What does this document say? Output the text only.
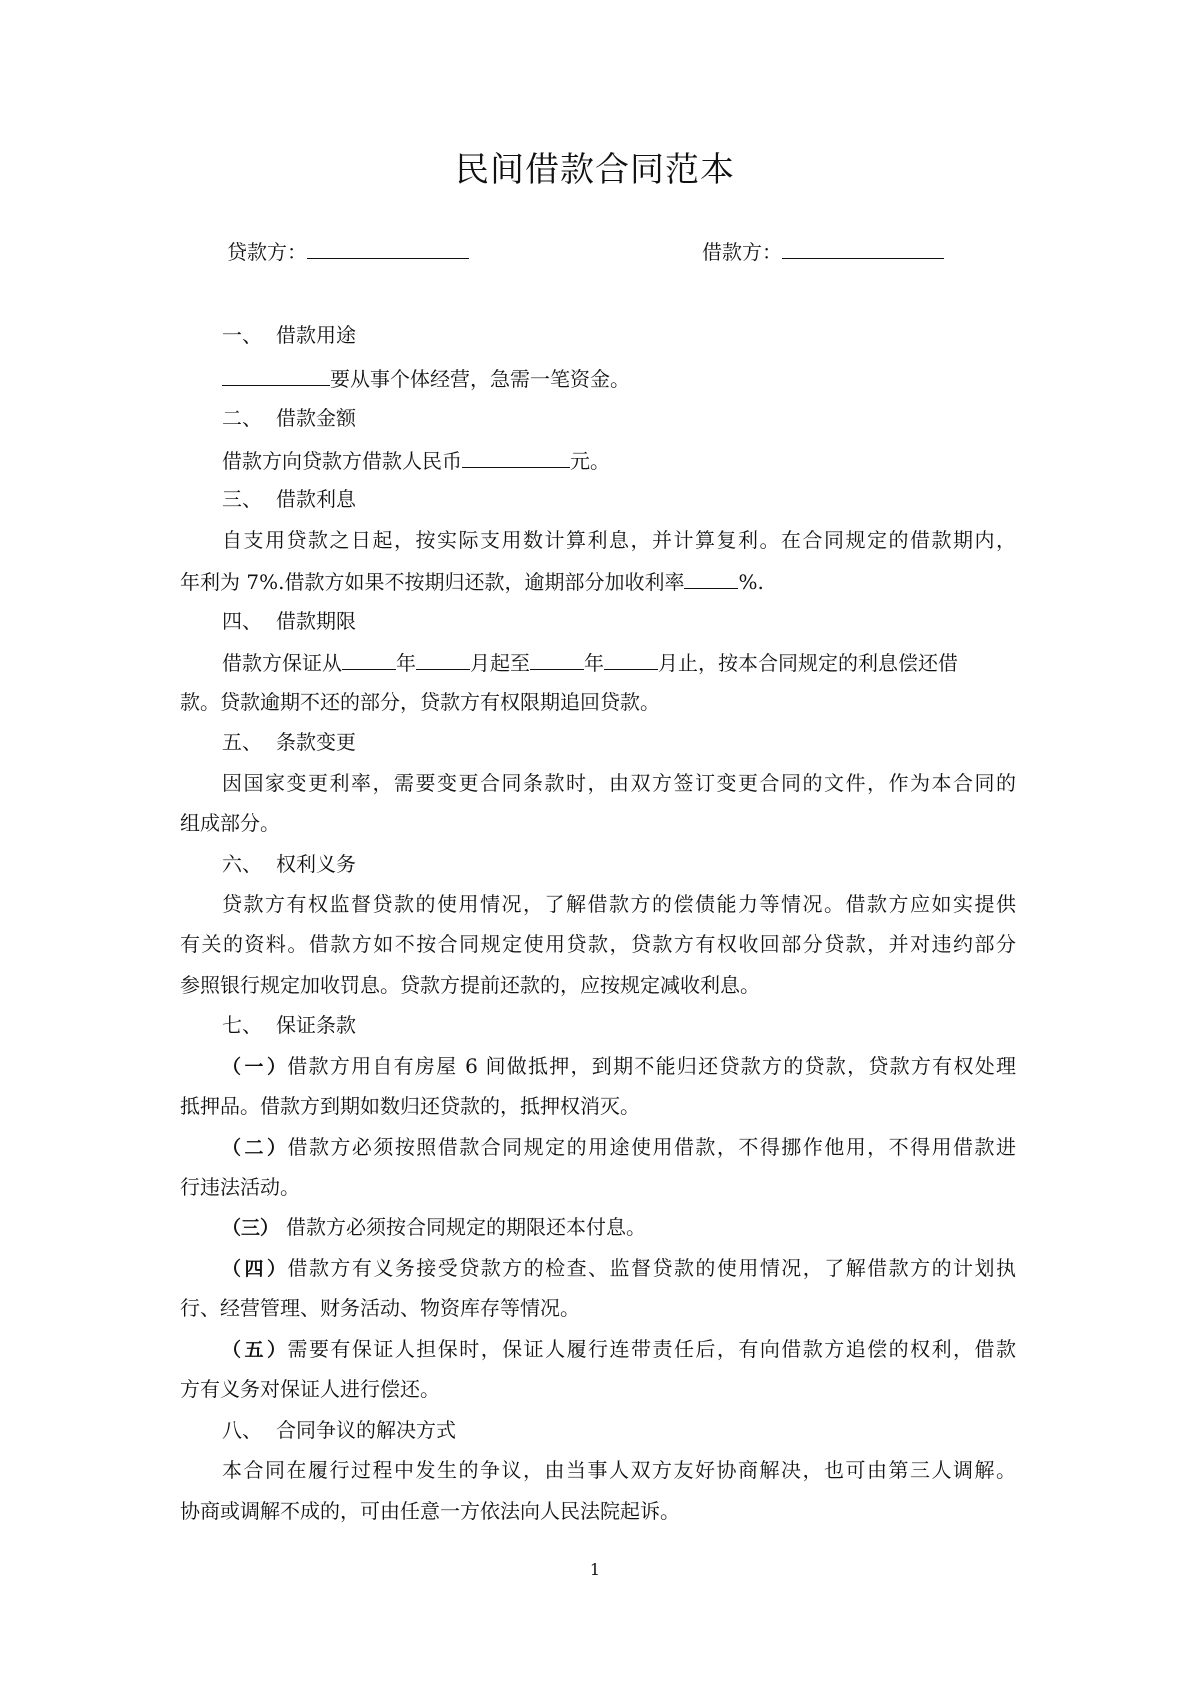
民间借款合同范本
贷款方：	借款方：
一、 借款用途
要从事个体经营，急需一笔资金。
二、 借款金额
借款方向贷款方借款人民币	元。
三、 借款利息
自支用贷款之日起，按实际支用数计算利息，并计算复利。在合同规定的借款期内，
年利为 7%.借款方如果不按期归还款，逾期部分加收利率	%.
四、 借款期限
借款方保证从	年	月起至	年	月止，按本合同规定的利息偿还借
款。贷款逾期不还的部分，贷款方有权限期追回贷款。
五、 条款变更
因国家变更利率，需要变更合同条款时，由双方签订变更合同的文件，作为本合同的
组成部分。
六、 权利义务
贷款方有权监督贷款的使用情况，了解借款方的偿债能力等情况。借款方应如实提供
有关的资料。借款方如不按合同规定使用贷款，贷款方有权收回部分贷款，并对违约部分
参照银行规定加收罚息。贷款方提前还款的，应按规定减收利息。
七、 保证条款
（一）借款方用自有房屋 6 间做抵押，到期不能归还贷款方的贷款，贷款方有权处理
抵押品。借款方到期如数归还贷款的，抵押权消灭。
（二）借款方必须按照借款合同规定的用途使用借款，不得挪作他用，不得用借款进
行违法活动。
（三） 借款方必须按合同规定的期限还本付息。
（四）借款方有义务接受贷款方的检查、监督贷款的使用情况，了解借款方的计划执
行、经营管理、财务活动、物资库存等情况。
（五）需要有保证人担保时，保证人履行连带责任后，有向借款方追偿的权利，借款
方有义务对保证人进行偿还。
八、 合同争议的解决方式
本合同在履行过程中发生的争议，由当事人双方友好协商解决，也可由第三人调解。
协商或调解不成的，可由任意一方依法向人民法院起诉。
1
